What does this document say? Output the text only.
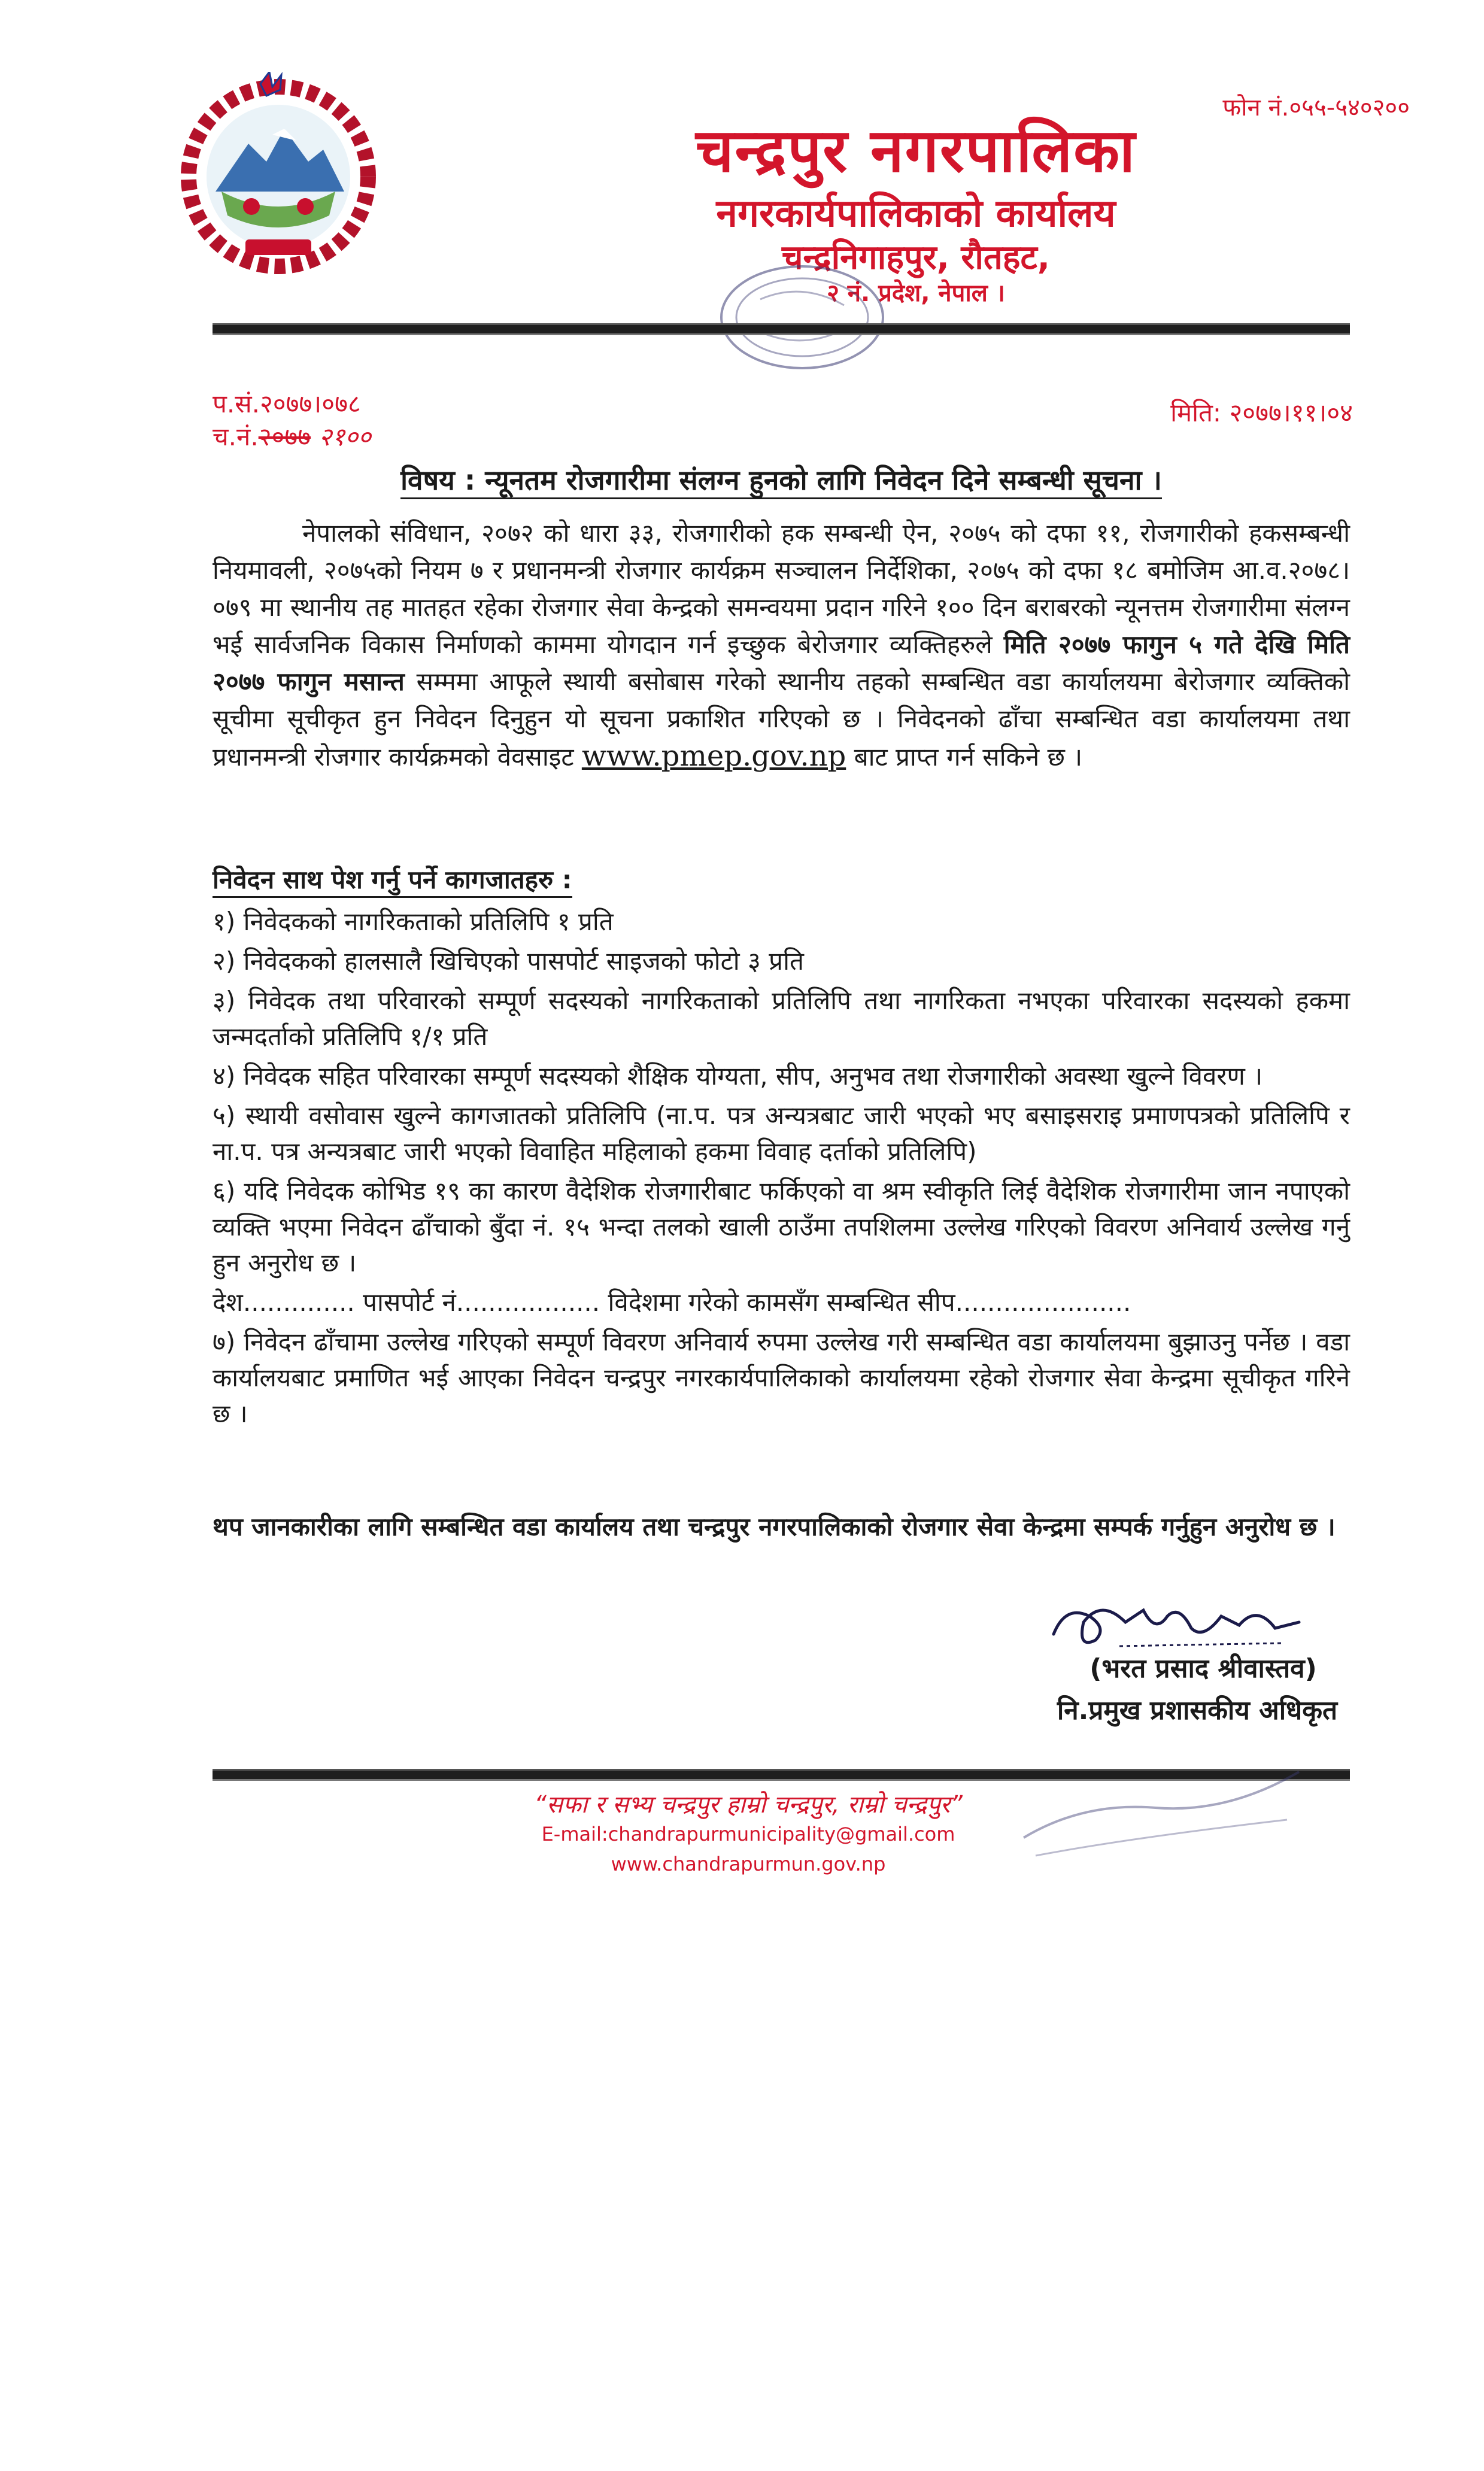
फोन नं.०५५-५४०२००
चन्द्रपुर नगरपालिका
नगरकार्यपालिकाको कार्यालय
चन्द्रनिगाहपुर, रौतहट,
२ नं. प्रदेश, नेपाल ।
प.सं.२०७७।०७८
च.नं.२०७७ २१००
मिति: २०७७।११।०४
विषय : न्यूनतम रोजगारीमा संलग्न हुनको लागि निवेदन दिने सम्बन्धी सूचना ।
नेपालको संविधान, २०७२ को धारा ३३, रोजगारीको हक सम्बन्धी ऐन, २०७५ को दफा ११, रोजगारीको हकसम्बन्धी नियमावली, २०७५को नियम ७ र प्रधानमन्त्री रोजगार कार्यक्रम सञ्चालन निर्देशिका, २०७५ को दफा १८ बमोजिम आ.व.२०७८।०७९ मा स्थानीय तह मातहत रहेका रोजगार सेवा केन्द्रको समन्वयमा प्रदान गरिने १०० दिन बराबरको न्यूनत्तम रोजगारीमा संलग्न भई सार्वजनिक विकास निर्माणको काममा योगदान गर्न इच्छुक बेरोजगार व्यक्तिहरुले मिति २०७७ फागुन ५ गते देखि मिति २०७७ फागुन मसान्त सम्ममा आफूले स्थायी बसोबास गरेको स्थानीय तहको सम्बन्धित वडा कार्यालयमा बेरोजगार व्यक्तिको सूचीमा सूचीकृत हुन निवेदन दिनुहुन यो सूचना प्रकाशित गरिएको छ । निवेदनको ढाँचा सम्बन्धित वडा कार्यालयमा तथा प्रधानमन्त्री रोजगार कार्यक्रमको वेवसाइट www.pmep.gov.np बाट प्राप्त गर्न सकिने छ ।
निवेदन साथ पेश गर्नु पर्ने कागजातहरु :
१) निवेदकको नागरिकताको प्रतिलिपि १ प्रति
२) निवेदकको हालसालै खिचिएको पासपोर्ट साइजको फोटो ३ प्रति
३) निवेदक तथा परिवारको सम्पूर्ण सदस्यको नागरिकताको प्रतिलिपि तथा नागरिकता नभएका परिवारका सदस्यको हकमा जन्मदर्ताको प्रतिलिपि १/१ प्रति
४) निवेदक सहित परिवारका सम्पूर्ण सदस्यको शैक्षिक योग्यता, सीप, अनुभव तथा रोजगारीको अवस्था खुल्ने विवरण ।
५) स्थायी वसोवास खुल्ने कागजातको प्रतिलिपि (ना.प. पत्र अन्यत्रबाट जारी भएको भए बसाइसराइ प्रमाणपत्रको प्रतिलिपि र ना.प. पत्र अन्यत्रबाट जारी भएको विवाहित महिलाको हकमा विवाह दर्ताको प्रतिलिपि)
६) यदि निवेदक कोभिड १९ का कारण वैदेशिक रोजगारीबाट फर्किएको वा श्रम स्वीकृति लिई वैदेशिक रोजगारीमा जान नपाएको व्यक्ति भएमा निवेदन ढाँचाको बुँदा नं. १५ भन्दा तलको खाली ठाउँमा तपशिलमा उल्लेख गरिएको विवरण अनिवार्य उल्लेख गर्नु हुन अनुरोध छ ।
देश.............. पासपोर्ट नं.................. विदेशमा गरेको कामसँग सम्बन्धित सीप......................
७) निवेदन ढाँचामा उल्लेख गरिएको सम्पूर्ण विवरण अनिवार्य रुपमा उल्लेख गरी सम्बन्धित वडा कार्यालयमा बुझाउनु पर्नेछ । वडा कार्यालयबाट प्रमाणित भई आएका निवेदन चन्द्रपुर नगरकार्यपालिकाको कार्यालयमा रहेको रोजगार सेवा केन्द्रमा सूचीकृत गरिने छ ।
थप जानकारीका लागि सम्बन्धित वडा कार्यालय तथा चन्द्रपुर नगरपालिकाको रोजगार सेवा केन्द्रमा सम्पर्क गर्नुहुन अनुरोध छ ।
(भरत प्रसाद श्रीवास्तव)
नि.प्रमुख प्रशासकीय अधिकृत
“सफा र सभ्य चन्द्रपुर हाम्रो चन्द्रपुर, राम्रो चन्द्रपुर”
E-mail:chandrapurmunicipality@gmail.com
www.chandrapurmun.gov.np
